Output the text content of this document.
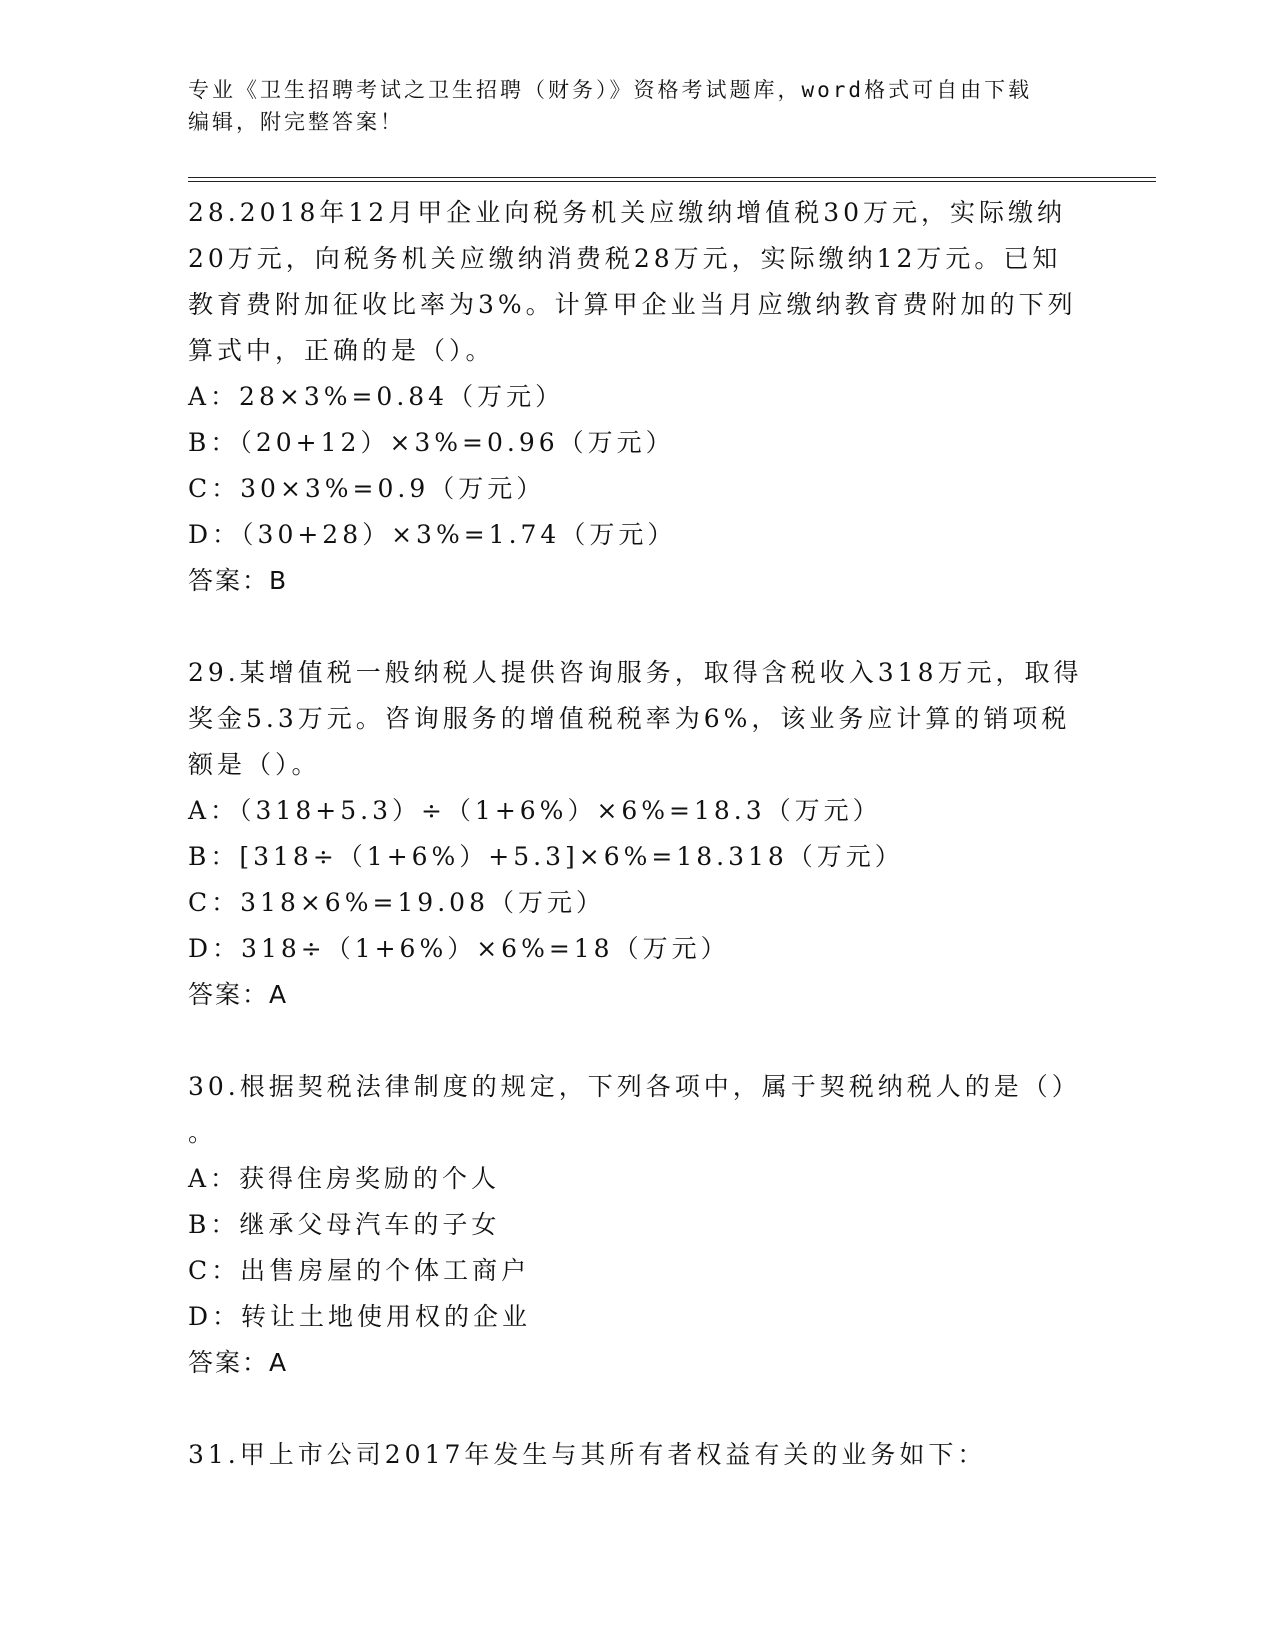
专业《卫生招聘考试之卫生招聘（财务）》资格考试题库，word格式可自由下载
编辑，附完整答案！
28.2018年12月甲企业向税务机关应缴纳增值税30万元，实际缴纳
20万元，向税务机关应缴纳消费税28万元，实际缴纳12万元。已知
教育费附加征收比率为3%。计算甲企业当月应缴纳教育费附加的下列
算式中，正确的是（）。
A：28×3%=0.84（万元）
B：（20+12）×3%=0.96（万元）
C：30×3%=0.9（万元）
D：（30+28）×3%=1.74（万元）
答案：B
29.某增值税一般纳税人提供咨询服务，取得含税收入318万元，取得
奖金5.3万元。咨询服务的增值税税率为6%，该业务应计算的销项税
额是（）。
A：（318+5.3）÷（1+6%）×6%=18.3（万元）
B：[318÷（1+6%）+5.3]×6%=18.318（万元）
C：318×6%=19.08（万元）
D：318÷（1+6%）×6%=18（万元）
答案：A
30.根据契税法律制度的规定，下列各项中，属于契税纳税人的是（）
。
A：获得住房奖励的个人
B：继承父母汽车的子女
C：出售房屋的个体工商户
D：转让土地使用权的企业
答案：A
31.甲上市公司2017年发生与其所有者权益有关的业务如下：
